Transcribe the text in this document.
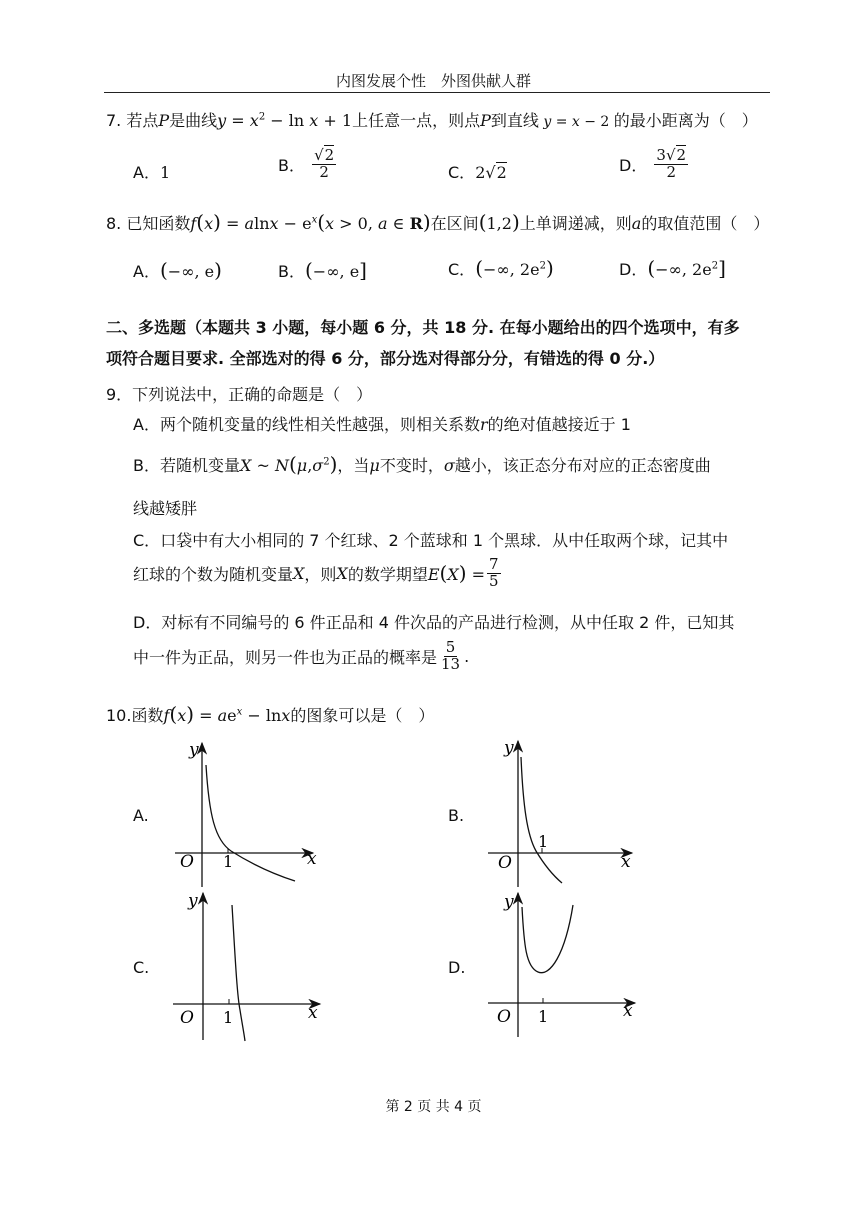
内图发展个性　外图供献人群
7. 若点P是曲线$y = x^2 - \ln x + 1$上任意一点，则点P到直线 y = x − 2 的最小距离为（　）
A．1	B． $\frac{√2}{2}$	C．2√2	D． $\frac{3√2}{2}$
8. 已知函数$f(x) = alnx - e^x(x > 0$, a ∈ R)在区间(1,2)上单调递减，则a的取值范围（　）
A．(−∞, e)	B．(−∞, e]	C．(−∞, $2e^2$)	D．(−∞, $2e^2$]
二、多选题（本题共 3 小题，每小题 6 分，共 18 分. 在每小题给出的四个选项中，有多
项符合题目要求. 全部选对的得 6 分，部分选对得部分分，有错选的得 0 分.）
9．下列说法中，正确的命题是（　）
A．两个随机变量的线性相关性越强，则相关系数r的绝对值越接近于 1
B．若随机变量X ~ $N(\mu,\sigma^2)$，当μ不变时，σ越小，该正态分布对应的正态密度曲
线越矮胖
C．口袋中有大小相同的 7 个红球、2 个蓝球和 1 个黑球．从中任取两个球，记其中
红球的个数为随机变量X，则X的数学期望$E(X) = \frac{7}{5}$
D．对标有不同编号的 6 件正品和 4 件次品的产品进行检测，从中任取 2 件，已知其
中一件为正品，则另一件也为正品的概率是 $\frac{5}{13}$ .
10.函数$f(x) = ae^x - \ln x$的图象可以是（　）
A.
y
x
O 1
B.
y
x
O
1
C.
y
x
O 1
D.
y
x
O 1
第 2 页 共 4 页
